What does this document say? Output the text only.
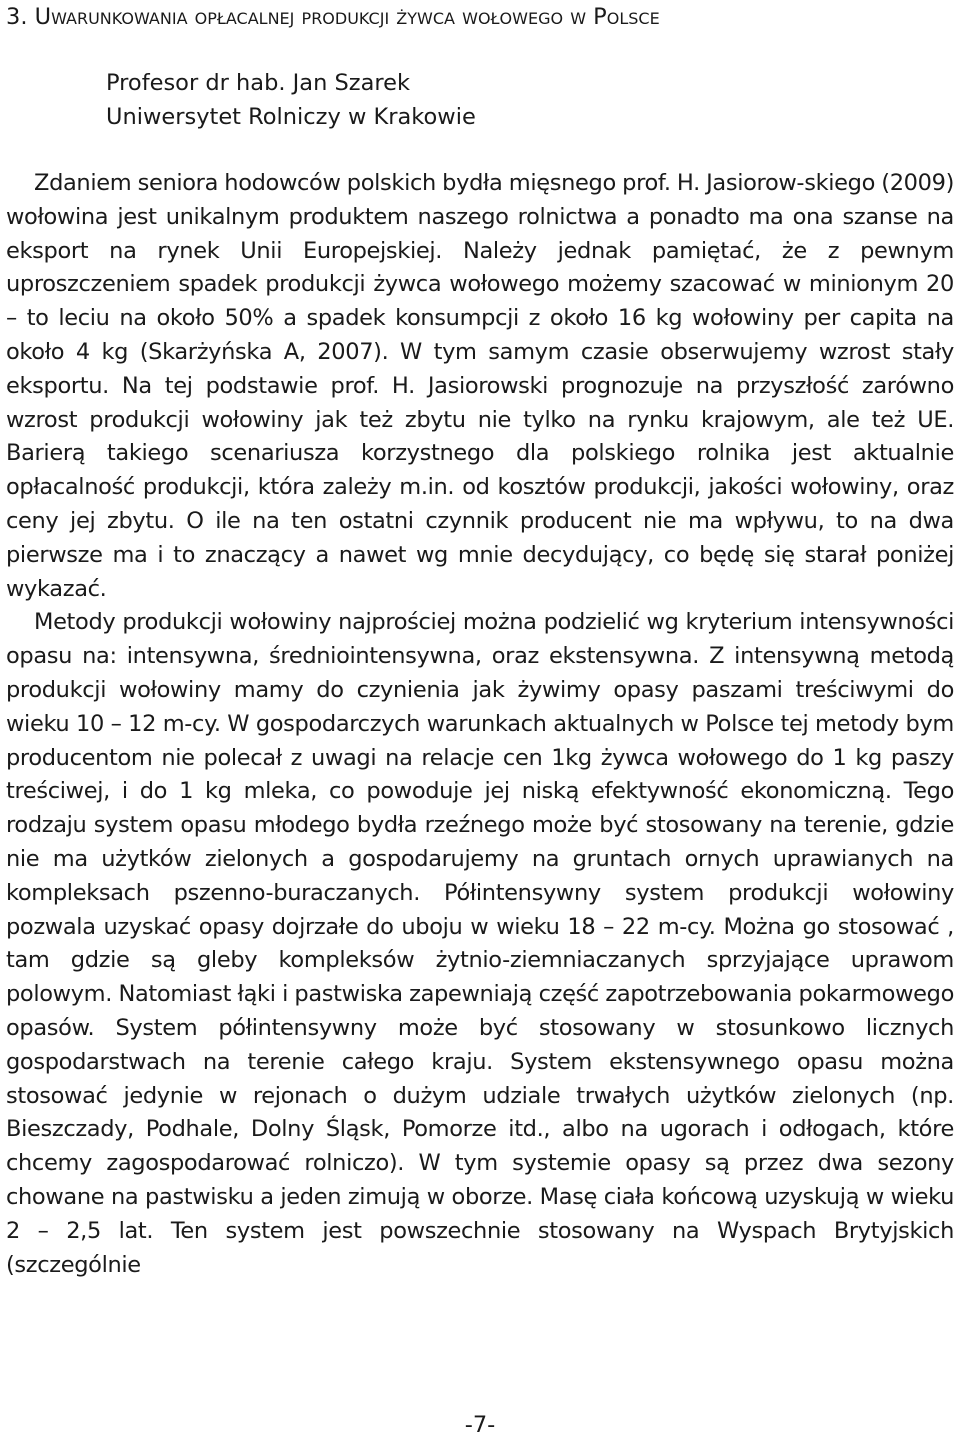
3. Uwarunkowania opłacalnej produkcji żywca wołowego w Polsce
Profesor dr hab. Jan Szarek
Uniwersytet Rolniczy w Krakowie

Zdaniem seniora hodowców polskich bydła mięsnego prof. H. Jasiorow-skiego (2009) wołowina jest unikalnym produktem naszego rolnictwa a ponadto ma ona szanse na eksport na rynek Unii Europejskiej. Należy jednak pamiętać, że z pewnym uproszczeniem spadek produkcji żywca wołowego możemy szacować w minionym 20 – to leciu na około 50% a spadek konsumpcji z około 16 kg wołowiny per capita na około 4 kg (Skarżyńska A, 2007). W tym samym czasie obserwujemy wzrost stały eksportu. Na tej podstawie prof. H. Jasiorowski prognozuje na przyszłość zarówno wzrost produkcji wołowiny jak też zbytu nie tylko na rynku krajowym, ale też UE. Barierą takiego scenariusza korzystnego dla polskiego rolnika jest aktualnie opłacalność produkcji, która zależy m.in. od kosztów produkcji, jakości wołowiny, oraz ceny jej zbytu. O ile na ten ostatni czynnik producent nie ma wpływu, to na dwa pierwsze ma i to znaczący a nawet wg mnie decydujący, co będę się starał poniżej wykazać.

Metody produkcji wołowiny najprościej można podzielić wg kryterium intensywności opasu na: intensywna, średniointensywna, oraz ekstensywna. Z intensywną metodą produkcji wołowiny mamy do czynienia jak żywimy opasy paszami treściwymi do wieku 10 – 12 m-cy. W gospodarczych warunkach aktualnych w Polsce tej metody bym producentom nie polecał z uwagi na relacje cen 1kg żywca wołowego do 1 kg paszy treściwej, i do 1 kg mleka, co powoduje jej niską efektywność ekonomiczną. Tego rodzaju system opasu młodego bydła rzeźnego może być stosowany na terenie, gdzie nie ma użytków zielonych a gospodarujemy na gruntach ornych uprawianych na kompleksach pszenno-buraczanych. Półintensywny system produkcji wołowiny pozwala uzyskać opasy dojrzałe do uboju w wieku 18 – 22 m-cy. Można go stosować , tam gdzie są gleby kompleksów żytnio-ziemniaczanych sprzyjające uprawom polowym. Natomiast łąki i pastwiska zapewniają część zapotrzebowania pokarmowego opasów. System półintensywny może być stosowany w stosunkowo licznych gospodarstwach na terenie całego kraju. System ekstensywnego opasu można stosować jedynie w rejonach o dużym udziale trwałych użytków zielonych (np. Bieszczady, Podhale, Dolny Śląsk, Pomorze itd., albo na ugorach i odłogach, które chcemy zagospodarować rolniczo). W tym systemie opasy są przez dwa sezony chowane na pastwisku a jeden zimują w oborze. Masę ciała końcową uzyskują w wieku 2 – 2,5 lat. Ten system jest powszechnie stosowany na Wyspach Brytyjskich (szczególnie

-7-
